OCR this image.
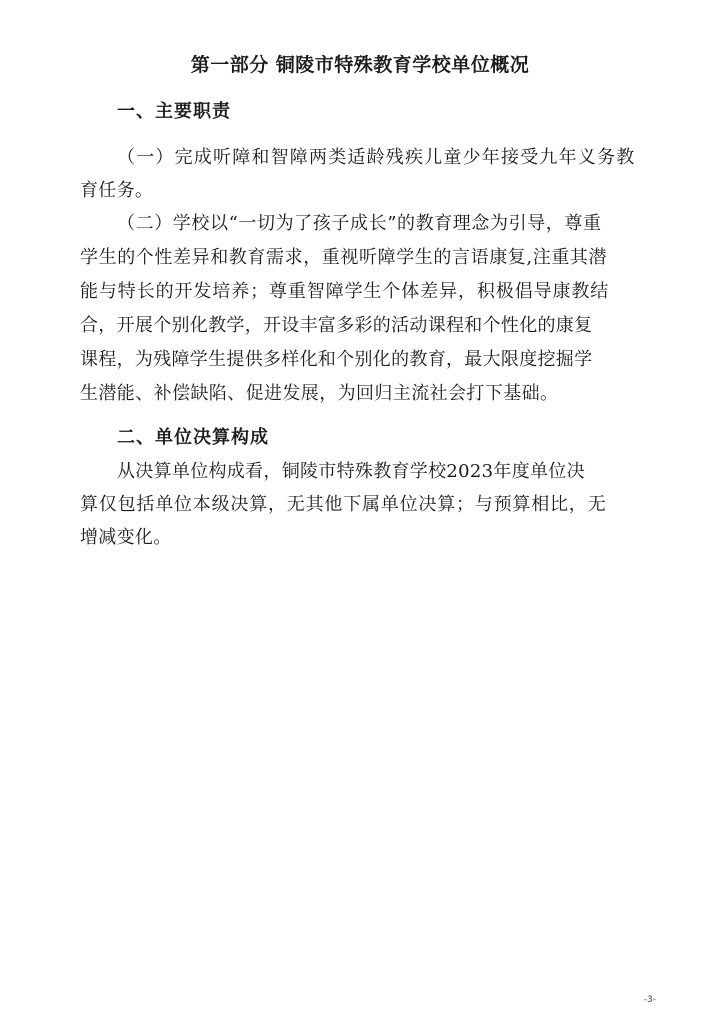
第一部分 铜陵市特殊教育学校单位概况
一、主要职责
（一）完成听障和智障两类适龄残疾儿童少年接受九年义务教
育任务。
（二）学校以“一切为了孩子成长”的教育理念为引导，尊重
学生的个性差异和教育需求，重视听障学生的言语康复,注重其潜
能与特长的开发培养；尊重智障学生个体差异，积极倡导康教结
合，开展个别化教学，开设丰富多彩的活动课程和个性化的康复
课程，为残障学生提供多样化和个别化的教育，最大限度挖掘学
生潜能、补偿缺陷、促进发展，为回归主流社会打下基础。
二、单位决算构成
从决算单位构成看，铜陵市特殊教育学校2023年度单位决
算仅包括单位本级决算，无其他下属单位决算；与预算相比，无
增减变化。
-3-
